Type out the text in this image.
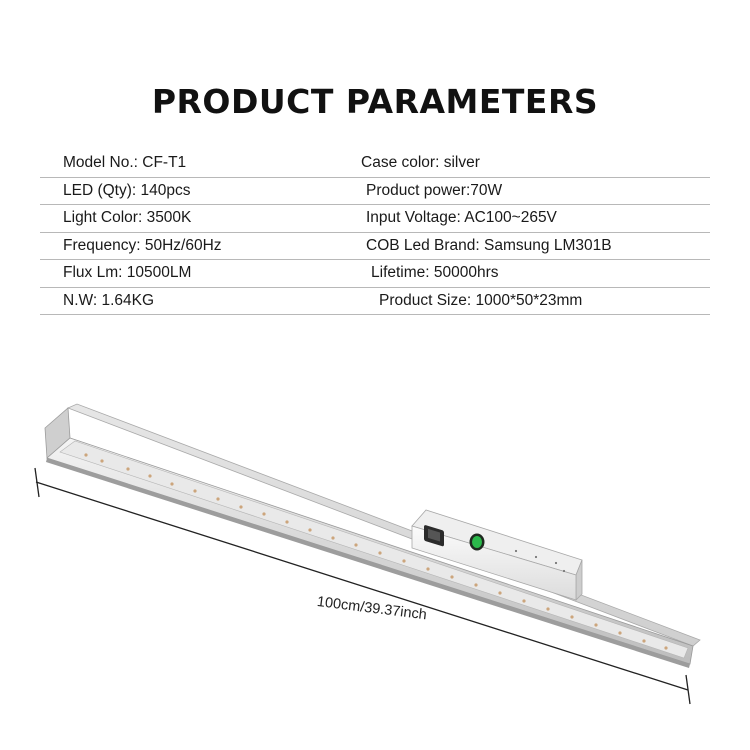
PRODUCT PARAMETERS
Model No.: CF-T1	Case color: silver
LED (Qty): 140pcs	Product power:70W
Light Color: 3500K	Input Voltage: AC100~265V
Frequency: 50Hz/60Hz	COB Led Brand: Samsung LM301B
Flux Lm: 10500LM	Lifetime: 50000hrs
N.W: 1.64KG	Product Size: 1000*50*23mm
100cm/39.37inch
